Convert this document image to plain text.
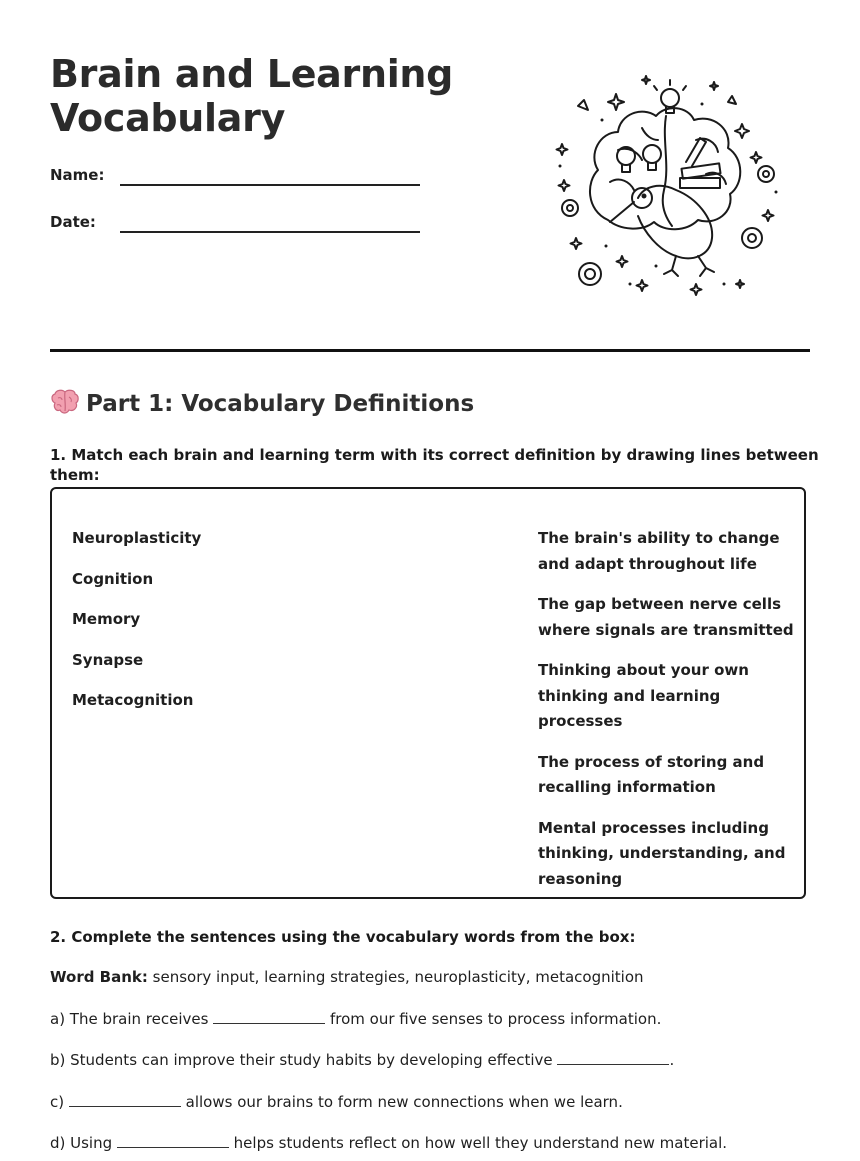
Brain and Learning Vocabulary
Name:
Date:
Part 1: Vocabulary Definitions
1. Match each brain and learning term with its correct definition by drawing lines between them:
Neuroplasticity
Cognition
Memory
Synapse
Metacognition
The brain's ability to change and adapt throughout life
The gap between nerve cells where signals are transmitted
Thinking about your own thinking and learning processes
The process of storing and recalling information
Mental processes including thinking, understanding, and reasoning
2. Complete the sentences using the vocabulary words from the box:
Word Bank: sensory input, learning strategies, neuroplasticity, metacognition
a) The brain receives	from our five senses to process information.
b) Students can improve their study habits by developing effective	.
c)	allows our brains to form new connections when we learn.
d) Using	helps students reflect on how well they understand new material.
